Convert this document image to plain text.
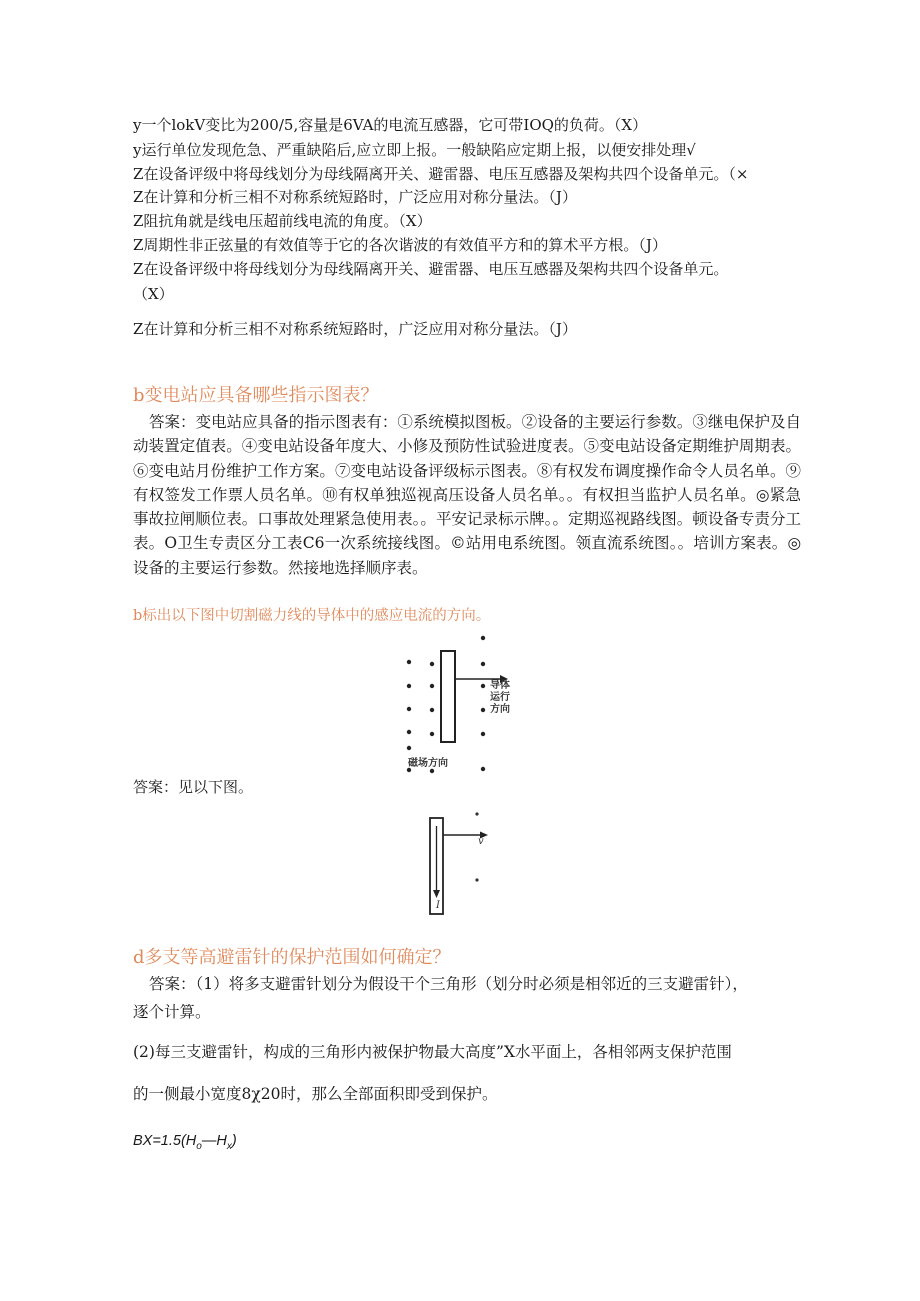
y一个lokV变比为200/5,容量是6VA的电流互感器，它可带IOQ的负荷。（X）
y运行单位发现危急、严重缺陷后,应立即上报。一般缺陷应定期上报，以便安排处理√
Z在设备评级中将母线划分为母线隔离开关、避雷器、电压互感器及架构共四个设备单元。（×
Z在计算和分析三相不对称系统短路时，广泛应用对称分量法。（J）
Z阻抗角就是线电压超前线电流的角度。（X）
Z周期性非正弦量的有效值等于它的各次谐波的有效值平方和的算术平方根。（J）
Z在设备评级中将母线划分为母线隔离开关、避雷器、电压互感器及架构共四个设备单元。
（X）
Z在计算和分析三相不对称系统短路时，广泛应用对称分量法。（J）
b变电站应具备哪些指示图表？
答案：变电站应具备的指示图表有：①系统模拟图板。②设备的主要运行参数。③继电保护及自动装置定值表。④变电站设备年度大、小修及预防性试验进度表。⑤变电站设备定期维护周期表。⑥变电站月份维护工作方案。⑦变电站设备评级标示图表。⑧有权发布调度操作命令人员名单。⑨有权签发工作票人员名单。⑩有权单独巡视高压设备人员名单。。有权担当监护人员名单。◎紧急事故拉闸顺位表。口事故处理紧急使用表。。平安记录标示牌。。定期巡视路线图。顿设备专责分工表。O卫生专责区分工表C6一次系统接线图。©站用电系统图。领直流系统图。。培训方案表。◎设备的主要运行参数。然接地选择顺序表。
b标出以下图中切割磁力线的导体中的感应电流的方向。
导体
运行
方向
磁场方向
答案：见以下图。
v
I
d多支等高避雷针的保护范围如何确定？
答案：（1）将多支避雷针划分为假设干个三角形（划分时必须是相邻近的三支避雷针），
逐个计算。
(2)每三支避雷针，构成的三角形内被保护物最大高度”X水平面上，各相邻两支保护范围
的一侧最小宽度8χ20时，那么全部面积即受到保护。
$BX=1.5(H_o—H_x)$
